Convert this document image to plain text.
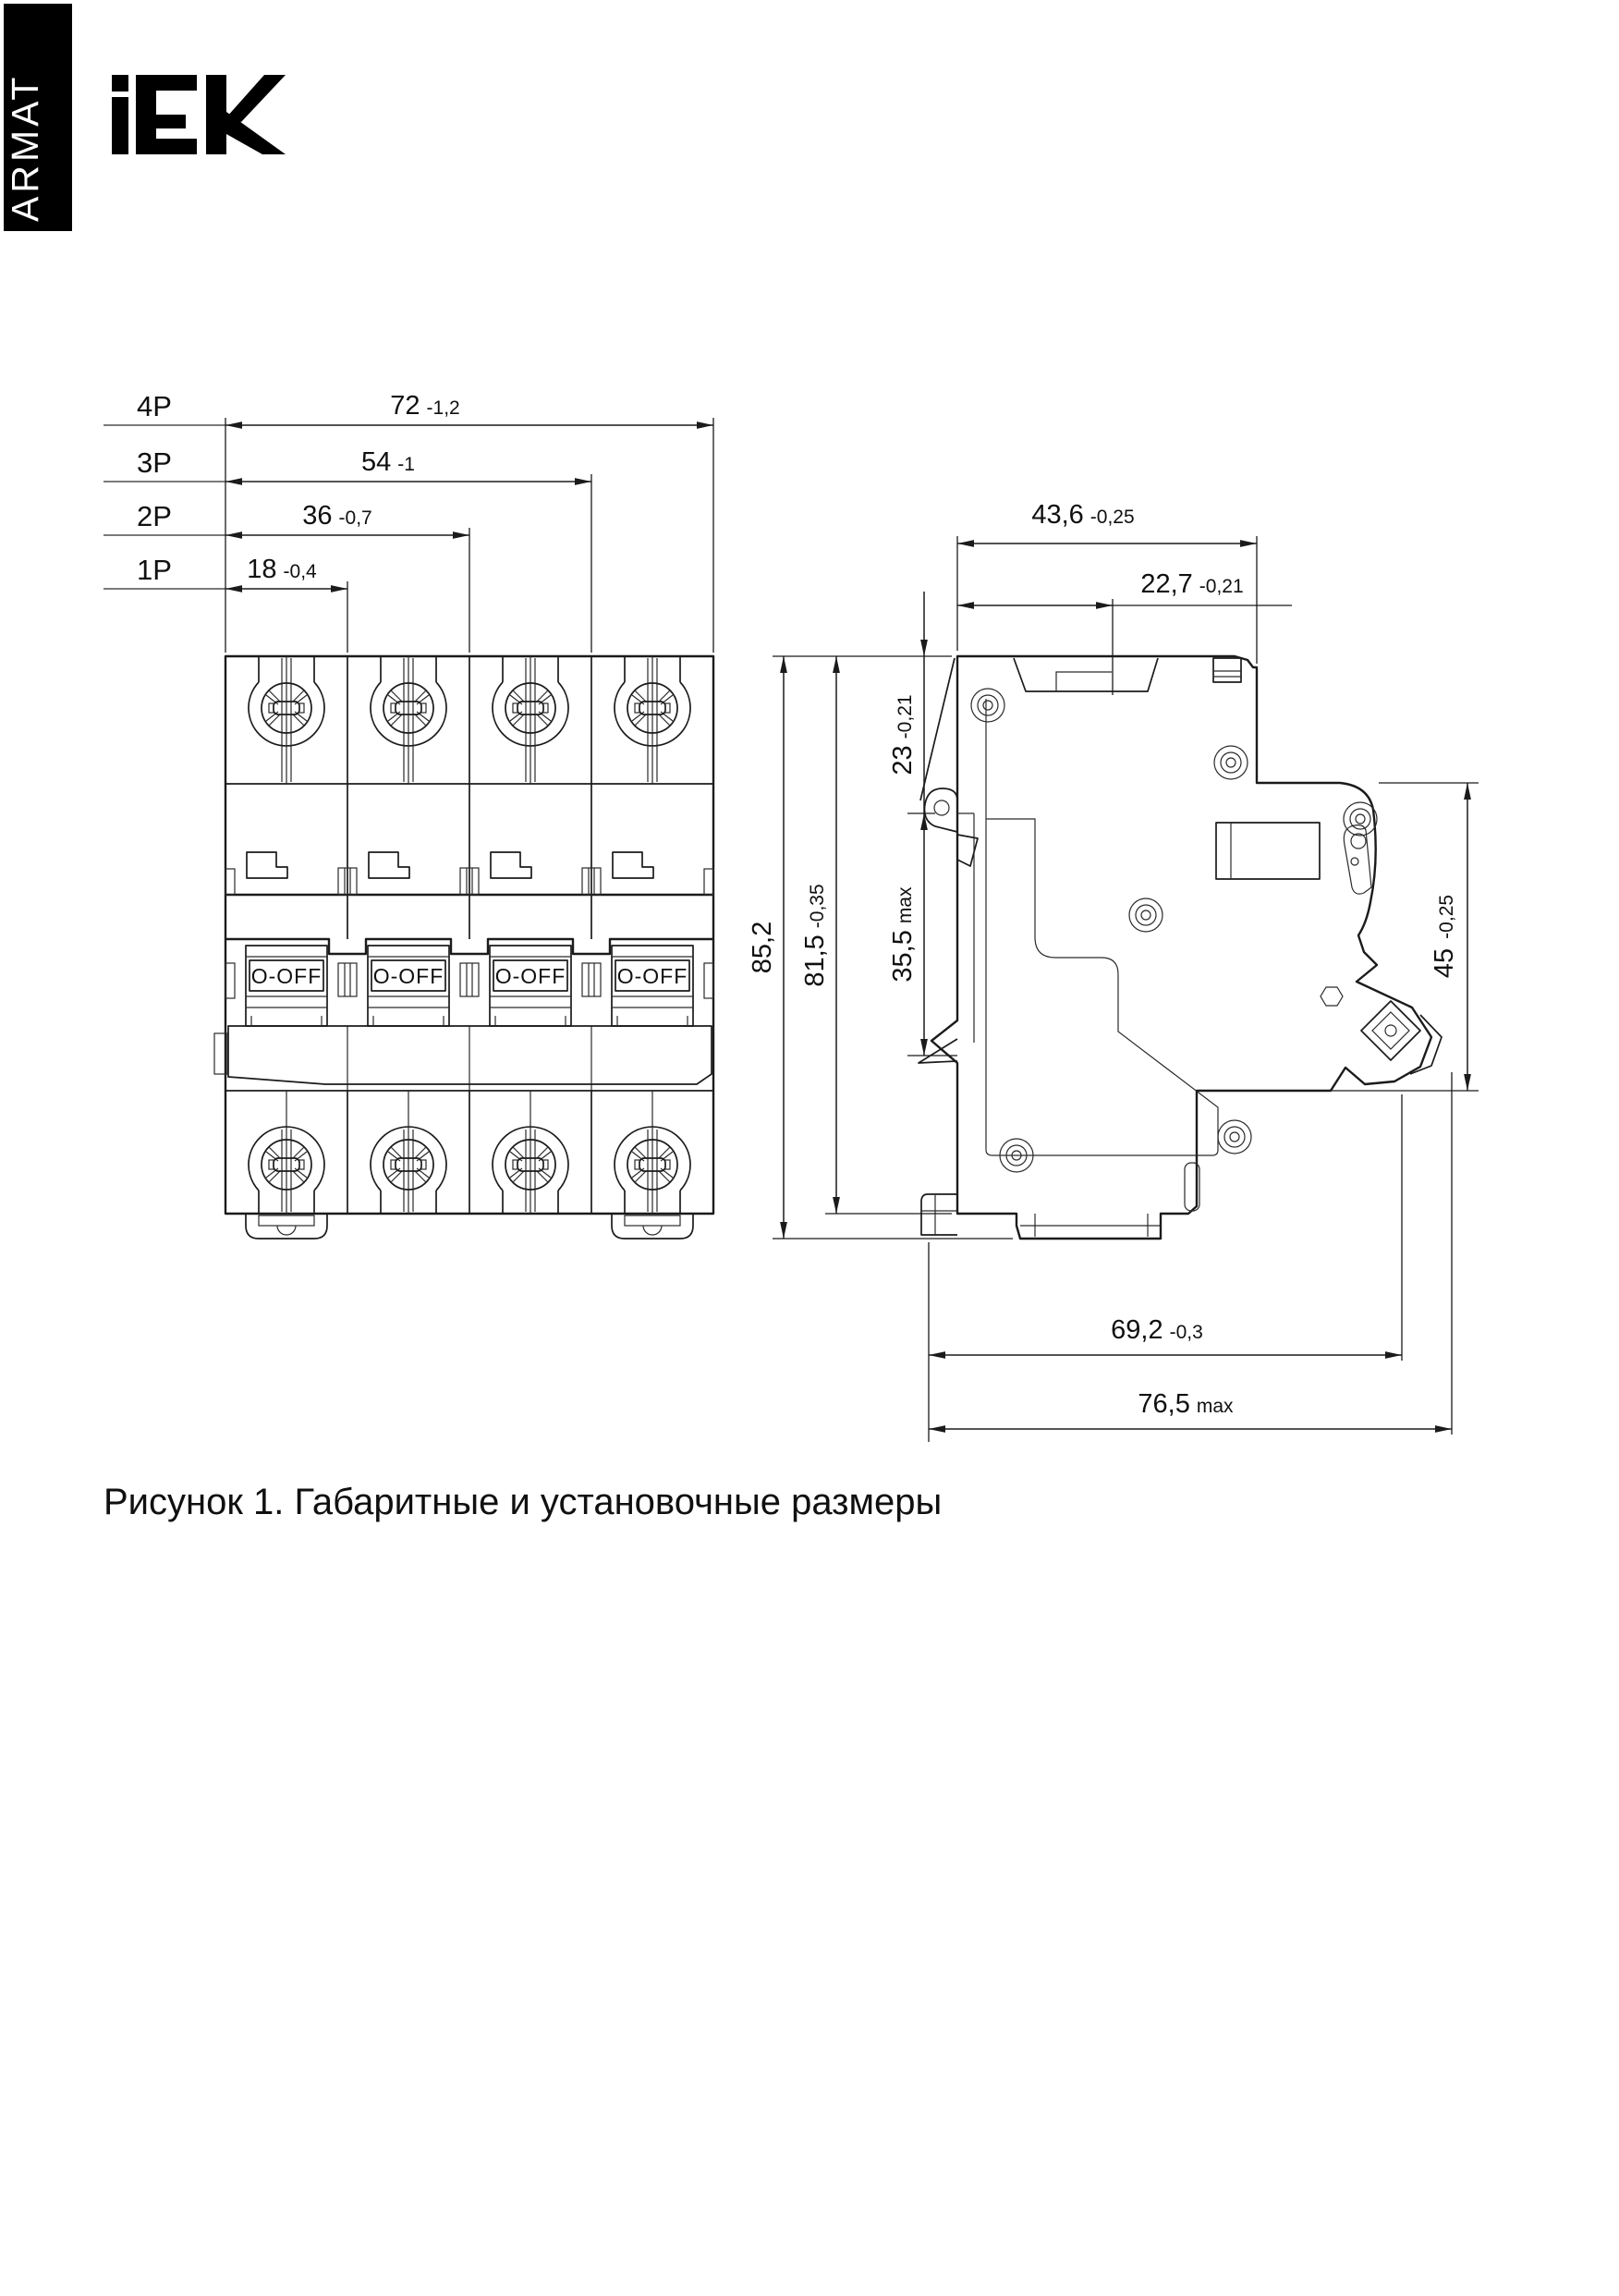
ARMAT
4P	72 -1,2
3P	54 -1
2P	36 -0,7
1P	18 -0,4
O-OFF O-OFF O-OFF O-OFF
43,6 -0,25
22,7 -0,21
23-0,21
35,5max
81,5-0,35
85,2	45-0,25
69,2 -0,3
76,5 max
Рисунок 1. Габаритные и установочные размеры
